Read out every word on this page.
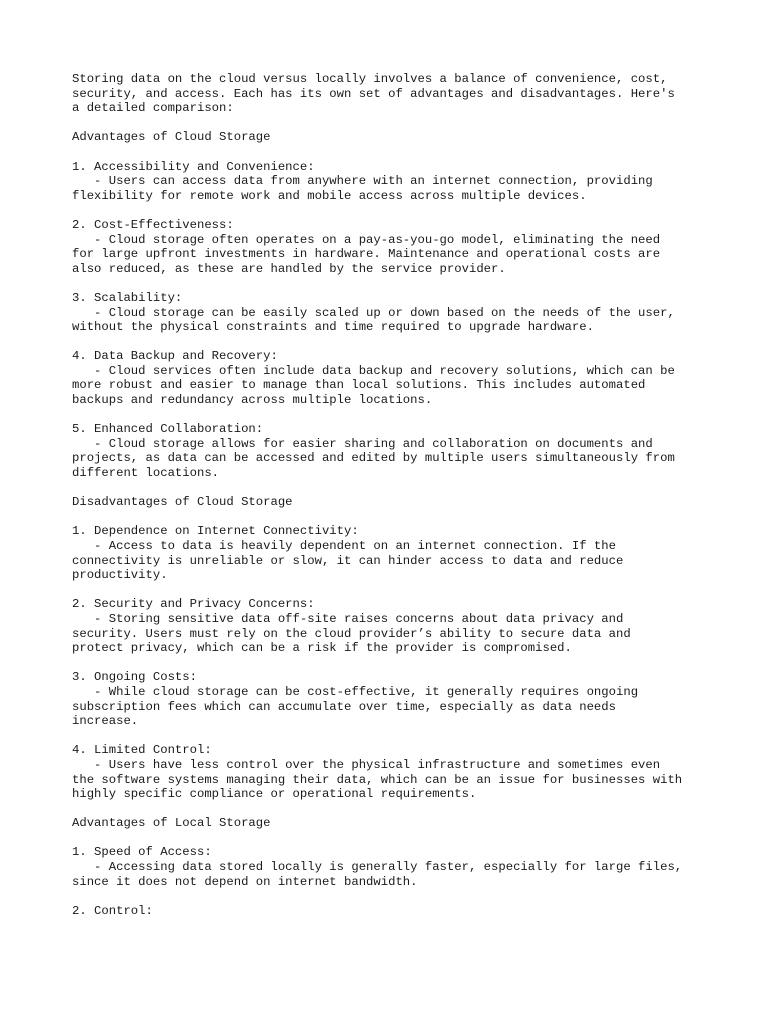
Storing data on the cloud versus locally involves a balance of convenience, cost,
security, and access. Each has its own set of advantages and disadvantages. Here's
a detailed comparison:
Advantages of Cloud Storage
1. Accessibility and Convenience:
- Users can access data from anywhere with an internet connection, providing
flexibility for remote work and mobile access across multiple devices.
2. Cost-Effectiveness:
- Cloud storage often operates on a pay-as-you-go model, eliminating the need
for large upfront investments in hardware. Maintenance and operational costs are
also reduced, as these are handled by the service provider.
3. Scalability:
- Cloud storage can be easily scaled up or down based on the needs of the user,
without the physical constraints and time required to upgrade hardware.
4. Data Backup and Recovery:
- Cloud services often include data backup and recovery solutions, which can be
more robust and easier to manage than local solutions. This includes automated
backups and redundancy across multiple locations.
5. Enhanced Collaboration:
- Cloud storage allows for easier sharing and collaboration on documents and
projects, as data can be accessed and edited by multiple users simultaneously from
different locations.
Disadvantages of Cloud Storage
1. Dependence on Internet Connectivity:
- Access to data is heavily dependent on an internet connection. If the
connectivity is unreliable or slow, it can hinder access to data and reduce
productivity.
2. Security and Privacy Concerns:
- Storing sensitive data off-site raises concerns about data privacy and
security. Users must rely on the cloud provider’s ability to secure data and
protect privacy, which can be a risk if the provider is compromised.
3. Ongoing Costs:
- While cloud storage can be cost-effective, it generally requires ongoing
subscription fees which can accumulate over time, especially as data needs
increase.
4. Limited Control:
- Users have less control over the physical infrastructure and sometimes even
the software systems managing their data, which can be an issue for businesses with
highly specific compliance or operational requirements.
Advantages of Local Storage
1. Speed of Access:
- Accessing data stored locally is generally faster, especially for large files,
since it does not depend on internet bandwidth.
2. Control:
